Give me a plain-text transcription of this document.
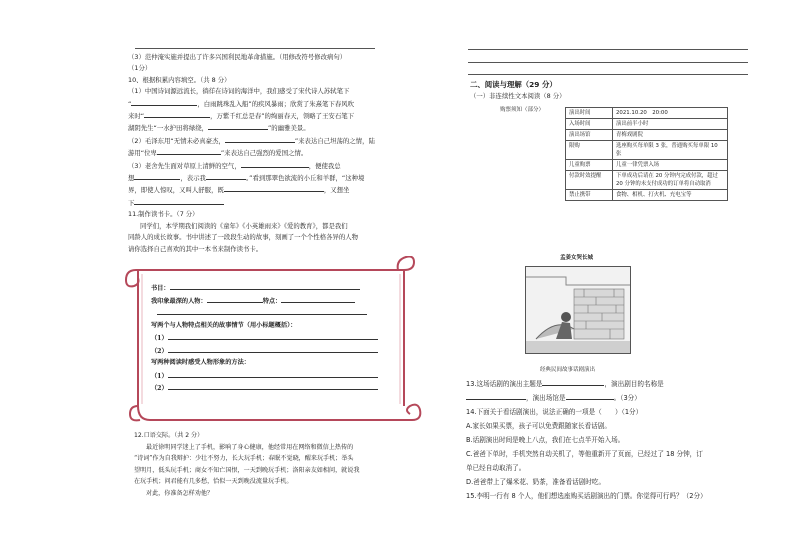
（3）范仲淹实施并提出了许多兴国利民地革命措施。（用修改符号修改病句）

（1分）

10、根据积累内容填空。（共 8 分）

（1）中国诗词源远流长，徜徉在诗词的海洋中，我们感受了宋代诗人苏轼笔下

“	，白雨跳珠乱入船”的疾风暴雨；欣赏了朱熹笔下春风吹

来时“	，万紫千红总是春”的绚丽春天，领略了王安石笔下

湖阴先生“一水护田将绿绕，	”的幽雅美景。

（2）毛泽东用“无情未必真豪杰，	”来表达自己坦荡的之情，陆

游用“位卑	”来表达自己强烈的爱国之情。

（3）老舍先生面对草原上清鲜的空气，	，便使我总

想	，表示我	。”看到那翠色欲流的小丘和羊群，“这种境

界，即使人惊叹，又叫人舒服，既	，又想坐

下

11.制作读书卡。（7 分）

同学们，本学期我们阅读的《童年》《小英雄雨来》《爱的教育》，都是我们

同龄人的成长故事。书中讲述了一段段生动的故事，刻画了一个个性格各异的人物

请你选择自己喜欢的其中一本书来制作读书卡。

书目：
我印象最深的人物：	特点：
写两个与人物特点相关的故事情节（用小标题概括）：
（1）
（2）
写两种阅读时感受人物形象的方法：
（1）
（2）

12.口语交际。（共 2 分）

最近徐明同学迷上了手机，影响了身心健康，他经常用在网络和微信上热传的

“诗词”作为自我辩护：少壮不努力，长大玩手机；春眠不觉晓，醒来玩手机；举头

望明月，低头玩手机；商女不知亡国恨，一天到晚玩手机；洛阳亲友如相问，就说我

在玩手机；问君能有几多愁，恰似一天到晚没流量玩手机。

对此，你准备怎样劝他？

二、阅读与理解（29 分）
（一）非连续性文本阅读（8 分）
购票须知（部分）	演出时间	2021.10.20　20:00
入场时间	演出前半小时
演出场馆	青梅戏剧院
限购	选座购买每单限 3 张，普通购买每单限 10 张
儿童购票	儿童一律凭票入场
付款时效提醒	下单成功后请在 20 分钟内完成付款，超过 20 分钟的未支付成功的订单将自动取消
禁止携带	食物、相机、打火机、充电宝等
孟姜女哭长城
经典民间故事话剧演出

13.这场话剧的演出主题是	，演出剧目的名称是

，演出场馆是	。（3分）

14.下面关于看话剧演出，说法正确的一项是（　　）（1分）

A.家长如果买票，孩子可以免费跟随家长看话剧。

B.话剧演出时间是晚上八点，我们在七点半开始入场。

C.爸爸下单时，手机突然自动关机了，等他重新开了页面，已经过了 18 分钟，订

单已经自动取消了。

D.爸爸带上了爆米花、奶茶，准备看话剧时吃。

15.李明一行有 8 个人，他们想选座购买话剧演出的门票。你觉得可行吗？（2分）
